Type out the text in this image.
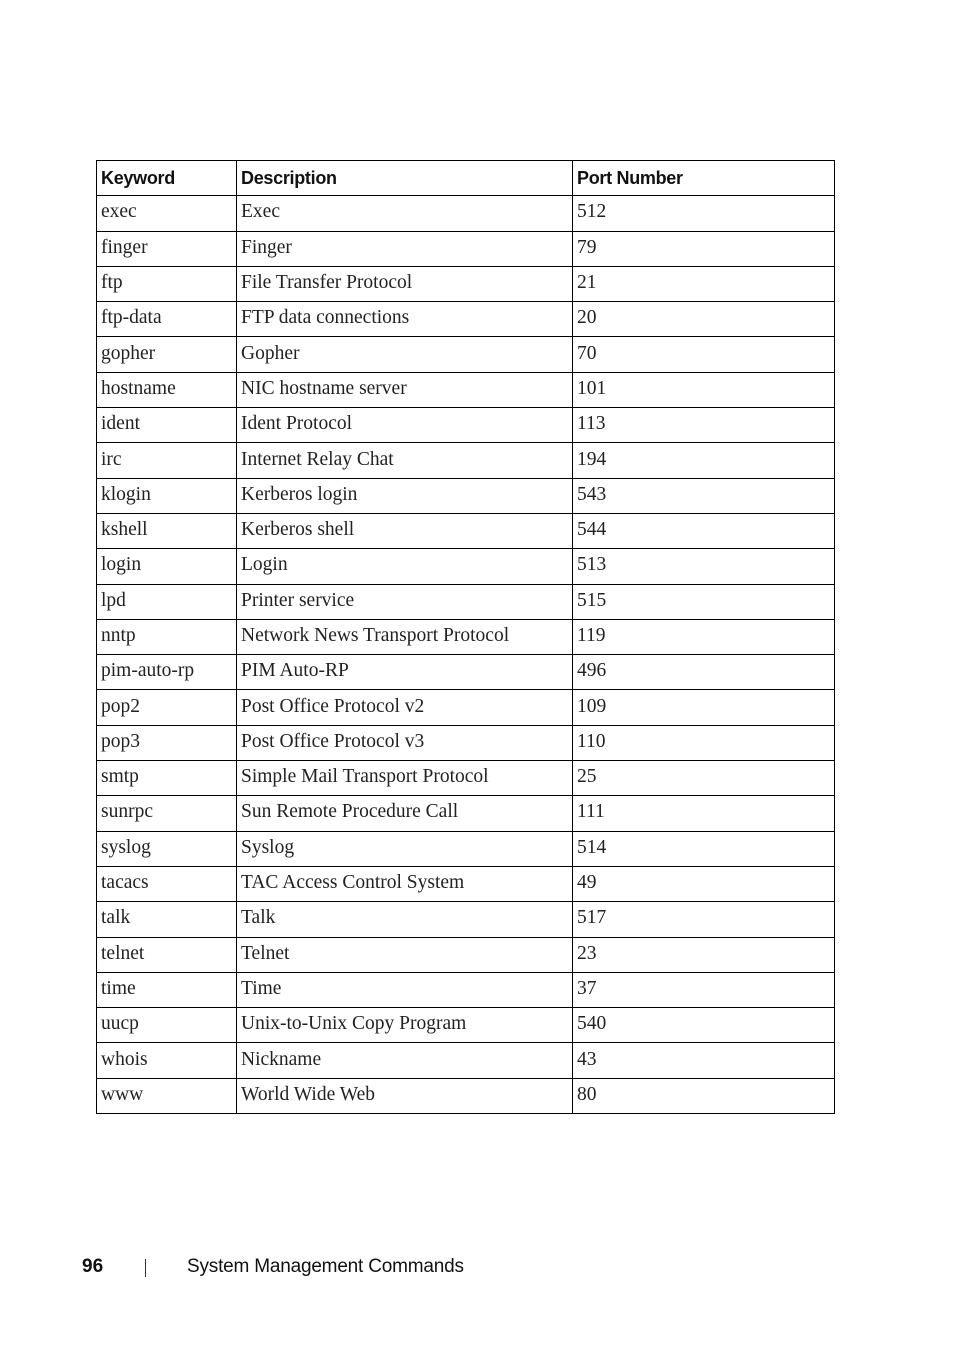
Keyword	Description	Port Number
exec	Exec	512
finger	Finger	79
ftp	File Transfer Protocol	21
ftp-data	FTP data connections	20
gopher	Gopher	70
hostname	NIC hostname server	101
ident	Ident Protocol	113
irc	Internet Relay Chat	194
klogin	Kerberos login	543
kshell	Kerberos shell	544
login	Login	513
lpd	Printer service	515
nntp	Network News Transport Protocol	119
pim-auto-rp	PIM Auto-RP	496
pop2	Post Office Protocol v2	109
pop3	Post Office Protocol v3	110
smtp	Simple Mail Transport Protocol	25
sunrpc	Sun Remote Procedure Call	111
syslog	Syslog	514
tacacs	TAC Access Control System	49
talk	Talk	517
telnet	Telnet	23
time	Time	37
uucp	Unix-to-Unix Copy Program	540
whois	Nickname	43
www	World Wide Web	80
96	System Management Commands
